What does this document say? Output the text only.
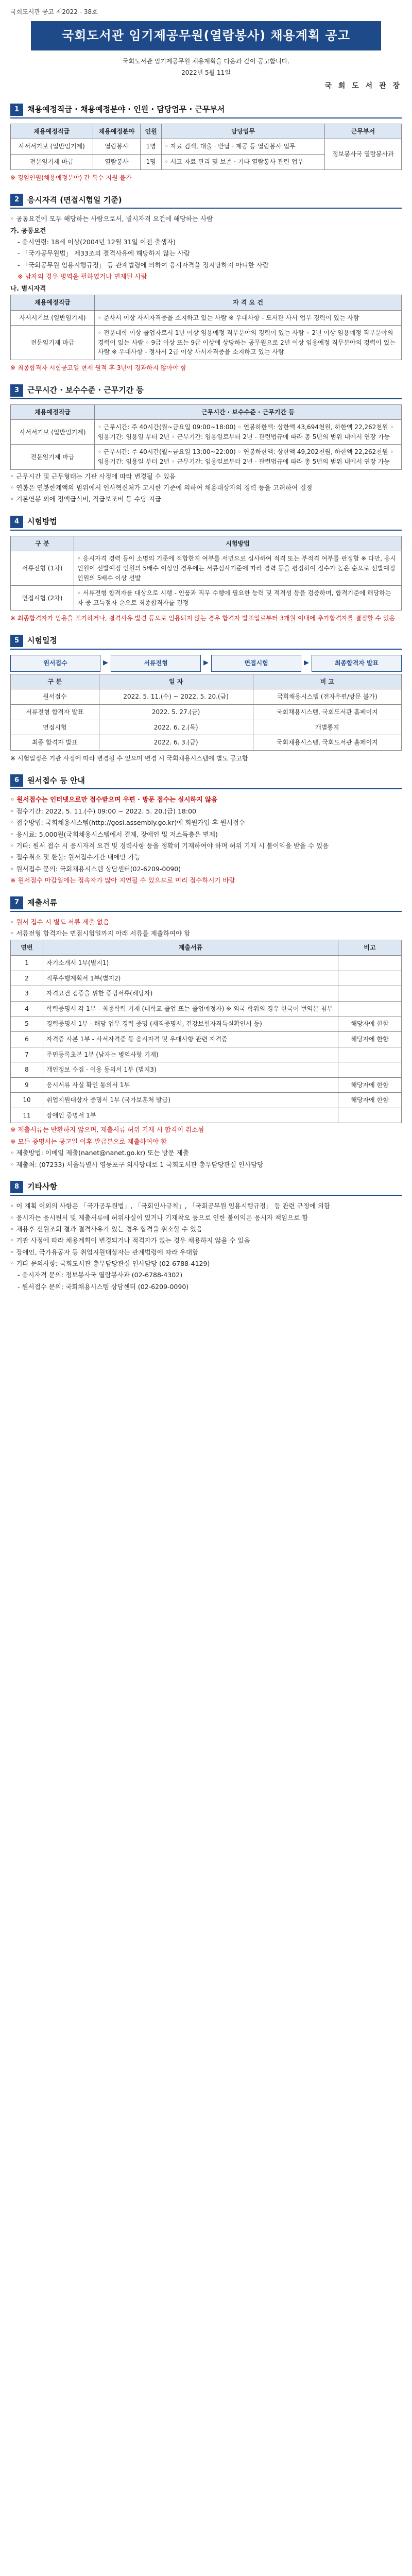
국회도서관 공고 제2022 - 38호
국회도서관 임기제공무원(열람봉사) 채용계획 공고
국회도서관 임기제공무원 채용계획을 다음과 같이 공고합니다.
2022년 5월 11일
국 회 도 서 관 장
1	채용예정직급 · 채용예정분야 · 인원 · 담당업무 · 근무부서
채용예정직급	채용예정분야	인원	담당업무	근무부서
사서서기보 (일반임기제)	열람봉사	1명	◦ 자료 검색, 대출 · 반납 · 제공 등 열람봉사 업무	정보봉사국 열람봉사과
전문임기제 마급	열람봉사	1명	◦ 서고 자료 관리 및 보존 · 기타 열람봉사 관련 업무	
※ 경임인원(채용예정분야) 간 복수 지원 불가
2	응시자격 (면접시험일 기준)

◦ 공통요건에 모두 해당하는 사람으로서, 별시자격 요건에 해당하는 사람

가. 공통요건

- 응시연령: 18세 이상(2004년 12월 31일 이전 출생자)

- 「국가공무원법」 제33조의 결격사유에 해당하지 않는 사람

- 「국회공무원 임용시행규정」 등 관계법령에 의하여 응시자격을 정지당하지 아니한 사람

※ 남자의 경우 병역을 필하였거나 면제된 사람

나. 별시자격

채용예정직급	자 격 요 건
사서서기보 (일반임기제)	◦ 준사서 이상 사서자격증을 소지하고 있는 사람 ※ 우대사항 - 도서관 사서 업무 경력이 있는 사람
전문임기제 마급	◦ 전문대학 이상 졸업자로서 1년 이상 임용예정 직무분야의 경력이 있는 사람 ◦ 2년 이상 임용예정 직무분야의 경력이 있는 사람 ◦ 9급 이상 또는 9급 이상에 상당하는 공무원으로 2년 이상 임용예정 직무분야의 경력이 있는 사람 ※ 우대사항 - 정사서 2급 이상 사서자격증을 소지하고 있는 사람
※ 최종합격자 시험공고일 현재 원적 후 3년이 경과하지 않아야 함
3	근무시간 · 보수수준 · 근무기간 등
채용예정직급	근무시간 · 보수수준 · 근무기간 등
사서서기보 (일반임기제)	◦ 근무시간: 주 40시간(월~금요일 09:00~18:00) ◦ 연봉하한액: 상한액 43,694천원, 하한액 22,262천원 ◦ 임용기간: 임용일 부터 2년 ◦ 근무기간: 임용일로부터 2년 - 관련법규에 따라 총 5년의 범위 내에서 연장 가능
전문임기제 마급	◦ 근무시간: 주 40시간(월~금요일 13:00~22:00) ◦ 연봉하한액: 상한액 49,202천원, 하한액 22,262천원 ◦ 임용기간: 임용일 부터 2년 ◦ 근무기간: 임용일로부터 2년 - 관련법규에 따라 총 5년의 범위 내에서 연장 가능

◦ 근무시간 및 근무형태는 기관 사정에 따라 변경될 수 있음

◦ 연봉은 연봉한계액의 범위에서 인사혁신처가 고시한 기준에 의하여 채용대상자의 경력 등을 고려하여 결정

◦ 기본연봉 외에 정액급식비, 직급보조비 등 수당 지급

4	시험방법
구 분	시험방법
서류전형 (1차)	◦ 응시자격 경력 등이 소명의 기준에 적합한지 여부를 서면으로 심사하여 적격 또는 부적격 여부를 판정함 ※ 다만, 응시 인원이 선발예정 인원의 5배수 이상인 경우에는 서류심사기준에 따라 경력 등을 평정하여 점수가 높은 순으로 선발예정인원의 5배수 이상 선발
면접시험 (2차)	◦ 서류전형 합격자를 대상으로 시행 - 인품과 직무 수행에 필요한 능력 및 적격성 등을 검증하며, 합격기준에 해당하는 자 중 고득점자 순으로 최종합격자를 결정
※ 최종합격자가 임용을 포기하거나, 결격사유 발견 등으로 임용되지 않는 경우 합격자 발표일로부터 3개월 이내에 추가합격자를 결정할 수 있음
5	시험일정
원서접수	▶	서류전형	▶	면접시험	▶	최종합격자 발표
구 분	일 자	비 고
원서접수	2022. 5. 11.(수) ~ 2022. 5. 20.(금)	국회채용시스템 (전자우편/방문 불가)
서류전형 합격자 발표	2022. 5. 27.(금)	국회채용시스템, 국회도서관 홈페이지
면접시험	2022. 6. 2.(목)	개별통지
최종 합격자 발표	2022. 6. 3.(금)	국회채용시스템, 국회도서관 홈페이지
※ 시험일정은 기관 사정에 따라 변경될 수 있으며 변경 시 국회채용시스템에 별도 공고함
6	원서접수 등 안내

◦ 원서접수는 인터넷으로만 접수받으며 우편 · 방문 접수는 실시하지 않음

◦ 접수기간: 2022. 5. 11.(수) 09:00 ~ 2022. 5. 20.(금) 18:00

◦ 접수방법: 국회채용시스템(http://gosi.assembly.go.kr)에 회원가입 후 원서접수

◦ 응시료: 5,000원(국회채용시스템에서 결제, 장애인 및 저소득층은 면제)

◦ 기타: 원서 접수 시 응시자격 요건 및 경력사항 등을 정확히 기재하여야 하며 허위 기재 시 불이익을 받을 수 있음

◦ 접수취소 및 환불: 원서접수기간 내에만 가능

◦ 원서접수 문의: 국회채용시스템 상담센터(02-6209-0090)

※ 원서접수 마감일에는 접속자가 많아 지연될 수 있으므로 미리 접수하시기 바람

7	제출서류

◦ 원서 접수 시 별도 서류 제출 없음

◦ 서류전형 합격자는 면접시험일까지 아래 서류를 제출하여야 함

연번	제출서류	비고
1	자기소개서 1부(별지1)	
2	직무수행계획서 1부(별지2)	
3	자격요건 검증을 위한 증빙서류(해당자)	
4	학력증명서 각 1부 - 최종학력 기재 (대학교 졸업 또는 졸업예정자) ※ 외국 학위의 경우 한국어 번역본 첨부	
5	경력증명서 1부 - 해당 업무 경력 증명 (재직증명서, 건강보험자격득실확인서 등)	해당자에 한함
6	자격증 사본 1부 - 사서자격증 등 응시자격 및 우대사항 관련 자격증	해당자에 한함
7	주민등록초본 1부 (남자는 병역사항 기재)	
8	개인정보 수집 · 이용 동의서 1부 (별지3)	
9	응시서류 사실 확인 동의서 1부	해당자에 한함
10	취업지원대상자 증명서 1부 (국가보훈처 발급)	해당자에 한함
11	장애인 증명서 1부	

※ 제출서류는 반환하지 않으며, 제출서류 허위 기재 시 합격이 취소됨

※ 모든 증명서는 공고일 이후 발급분으로 제출하여야 함

◦ 제출방법: 이메일 제출(nanet@nanet.go.kr) 또는 방문 제출

◦ 제출처: (07233) 서울특별시 영등포구 의사당대로 1 국회도서관 총무담당관실 인사담당

8	기타사항

◦ 이 계획 이외의 사항은 「국가공무원법」, 「국회인사규칙」, 「국회공무원 임용시행규정」 등 관련 규정에 의함

◦ 응시자는 응시원서 및 제출서류에 허위사실이 있거나 기재착오 등으로 인한 불이익은 응시자 책임으로 함

◦ 채용후 신원조회 결과 결격사유가 있는 경우 합격을 취소할 수 있음

◦ 기관 사정에 따라 채용계획이 변경되거나 적격자가 없는 경우 채용하지 않을 수 있음

◦ 장애인, 국가유공자 등 취업지원대상자는 관계법령에 따라 우대함

◦ 기타 문의사항: 국회도서관 총무담당관실 인사담당 (02-6788-4129)

- 응시자격 문의: 정보봉사국 열람봉사과 (02-6788-4302)

- 원서접수 문의: 국회채용시스템 상담센터 (02-6209-0090)
